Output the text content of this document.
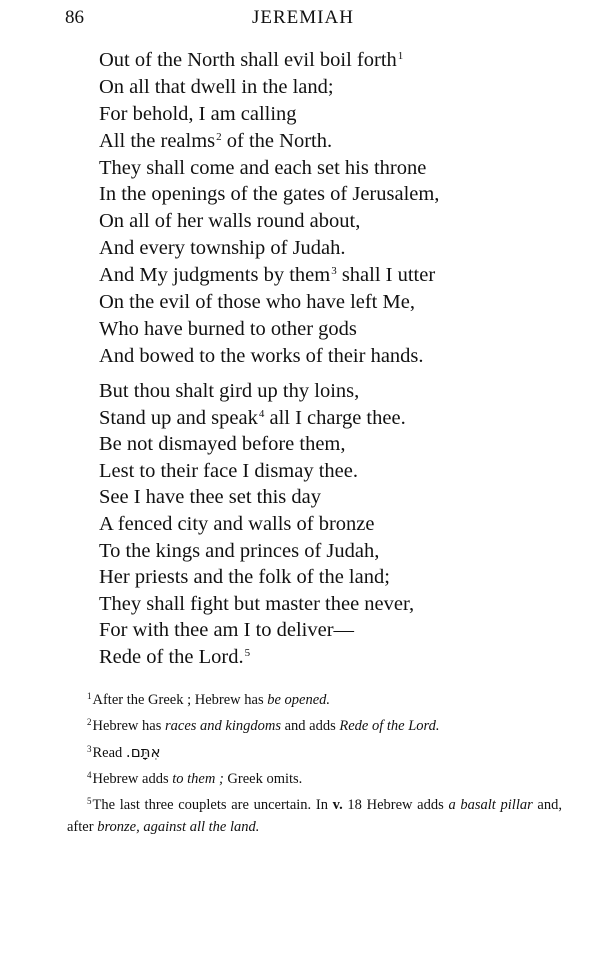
86	JEREMIAH
Out of the North shall evil boil forth$^1$
On all that dwell in the land;
For behold, I am calling
All the realms$^2$ of the North.
They shall come and each set his throne
In the openings of the gates of Jerusalem,
On all of her walls round about,
And every township of Judah.
And My judgments by them$^3$ shall I utter
On the evil of those who have left Me,
Who have burned to other gods
And bowed to the works of their hands.
But thou shalt gird up thy loins,
Stand up and speak$^4$ all I charge thee.
Be not dismayed before them,
Lest to their face I dismay thee.
See I have thee set this day
A fenced city and walls of bronze
To the kings and princes of Judah,
Her priests and the folk of the land;
They shall fight but master thee never,
For with thee am I to deliver—
Rede of the Lord.$^5$

$^1$After the Greek ; Hebrew has be opened.

$^2$Hebrew has races and kingdoms and adds Rede of the Lord.

$^3$Read אִתָּם.

$^4$Hebrew adds to them ; Greek omits.

$^5$The last three couplets are uncertain. In v. 18 Hebrew adds a basalt pillar and, after bronze, against all the land.
